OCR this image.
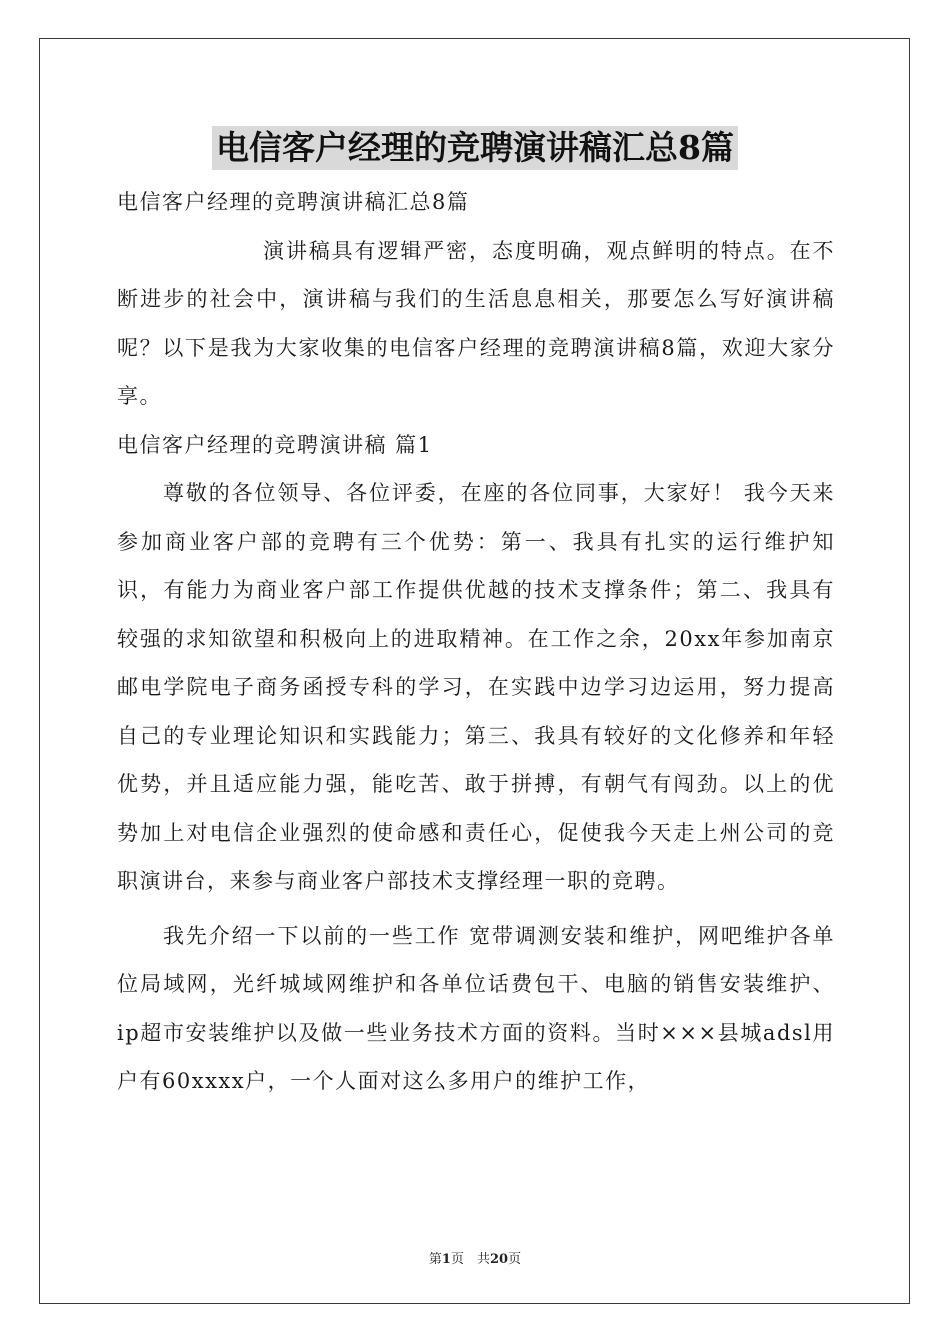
电信客户经理的竞聘演讲稿汇总8篇

电信客户经理的竞聘演讲稿汇总8篇

演讲稿具有逻辑严密，态度明确，观点鲜明的特点。在不断进步的社会中，演讲稿与我们的生活息息相关，那要怎么写好演讲稿呢？以下是我为大家收集的电信客户经理的竞聘演讲稿8篇，欢迎大家分享。

电信客户经理的竞聘演讲稿 篇1

尊敬的各位领导、各位评委，在座的各位同事，大家好！ 我今天来参加商业客户部的竞聘有三个优势：第一、我具有扎实的运行维护知识，有能力为商业客户部工作提供优越的技术支撑条件；第二、我具有较强的求知欲望和积极向上的进取精神。在工作之余，20xx年参加南京邮电学院电子商务函授专科的学习，在实践中边学习边运用，努力提高自己的专业理论知识和实践能力；第三、我具有较好的文化修养和年轻优势，并且适应能力强，能吃苦、敢于拼搏，有朝气有闯劲。以上的优势加上对电信企业强烈的使命感和责任心，促使我今天走上州公司的竞职演讲台，来参与商业客户部技术支撑经理一职的竞聘。

我先介绍一下以前的一些工作 宽带调测安装和维护，网吧维护各单位局域网，光纤城域网维护和各单位话费包干、电脑的销售安装维护、ip超市安装维护以及做一些业务技术方面的资料。当时×××县城adsl用户有60xxxx户，一个人面对这么多用户的维护工作，

第1页　共20页
